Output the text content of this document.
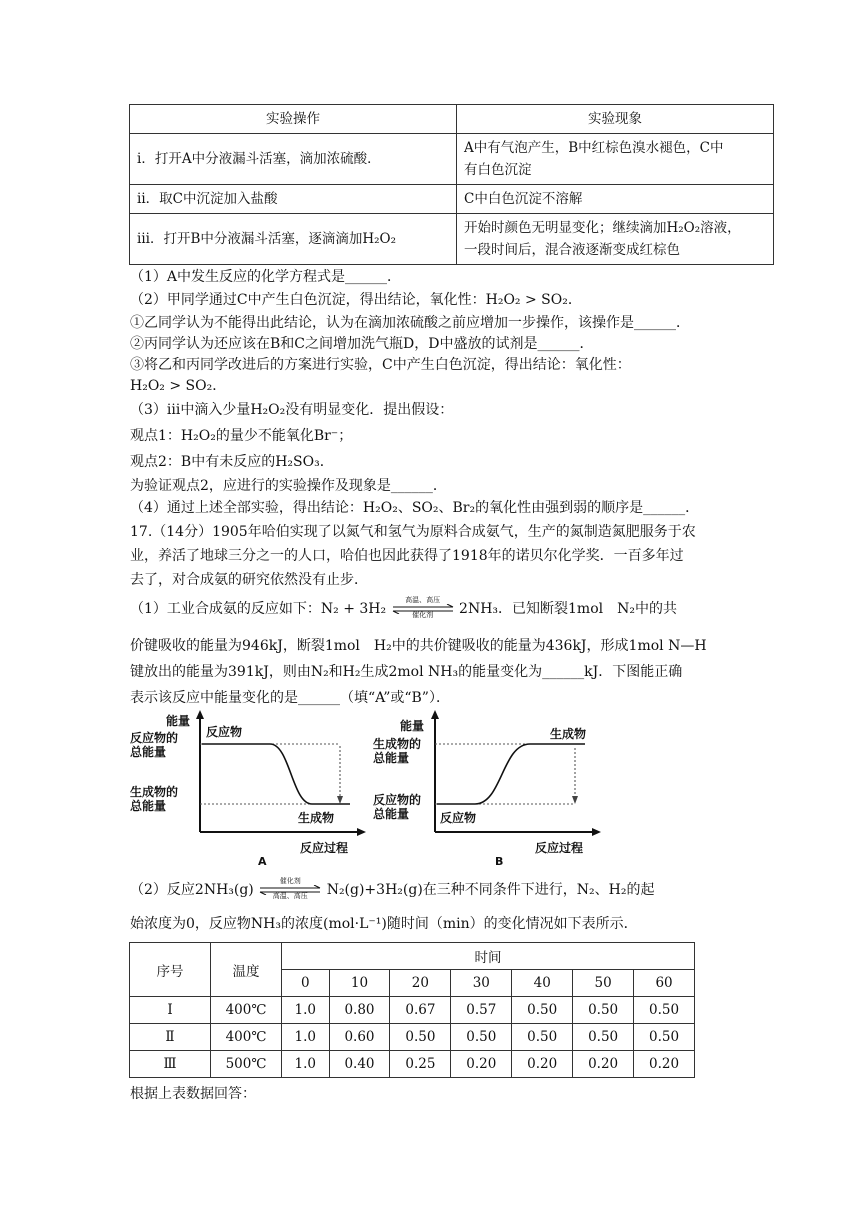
实验操作	实验现象
ⅰ．打开A中分液漏斗活塞，滴加浓硫酸．	A中有气泡产生，B中红棕色溴水褪色，C中
有白色沉淀
ⅱ．取C中沉淀加入盐酸	C中白色沉淀不溶解
ⅲ．打开B中分液漏斗活塞，逐滴滴加H₂O₂	开始时颜色无明显变化；继续滴加H₂O₂溶液，
一段时间后，混合液逐渐变成红棕色
（1）A中发生反应的化学方程式是______．
（2）甲同学通过C中产生白色沉淀，得出结论，氧化性：H₂O₂ > SO₂．
①乙同学认为不能得出此结论，认为在滴加浓硫酸之前应增加一步操作，该操作是______．
②丙同学认为还应该在B和C之间增加洗气瓶D，D中盛放的试剂是______．
③将乙和丙同学改进后的方案进行实验，C中产生白色沉淀，得出结论：氧化性：
H₂O₂ > SO₂．
（3）ⅲ中滴入少量H₂O₂没有明显变化．提出假设：
观点1：H₂O₂的量少不能氧化Br⁻；
观点2：B中有未反应的H₂SO₃．
为验证观点2，应进行的实验操作及现象是______．
（4）通过上述全部实验，得出结论：H₂O₂、SO₂、Br₂的氧化性由强到弱的顺序是______．
17.（14分）1905年哈伯实现了以氮气和氢气为原料合成氨气，生产的氮制造氮肥服务于农
业，养活了地球三分之一的人口，哈伯也因此获得了1918年的诺贝尔化学奖．一百多年过
去了，对合成氨的研究依然没有止步．
（1）工业合成氨的反应如下：N₂ + 3H₂
高温、高压
催化剂	2NH₃．已知断裂1mol　N₂中的共
价键吸收的能量为946kJ，断裂1mol　H₂中的共价键吸收的能量为436kJ，形成1mol N—H
键放出的能量为391kJ，则由N₂和H₂生成2mol NH₃的能量变化为______kJ．下图能正确
表示该反应中能量变化的是______（填“A”或“B”）．
能量
反应物的
总能量
生成物的
总能量
反应物
生成物
反应过程
A
能量
生成物的
总能量
反应物的
总能量	反应物
生成物
反应过程
B
（2）反应2NH₃(g)
催化剂
高温、高压	N₂(g)+3H₂(g)在三种不同条件下进行，N₂、H₂的起
始浓度为0，反应物NH₃的浓度(mol·L⁻¹)随时间（min）的变化情况如下表所示．
序号	温度	时间						
		0	10	20	30	40	50	60
Ⅰ	400℃	1.0	0.80	0.67	0.57	0.50	0.50	0.50
Ⅱ	400℃	1.0	0.60	0.50	0.50	0.50	0.50	0.50
Ⅲ	500℃	1.0	0.40	0.25	0.20	0.20	0.20	0.20
根据上表数据回答：
